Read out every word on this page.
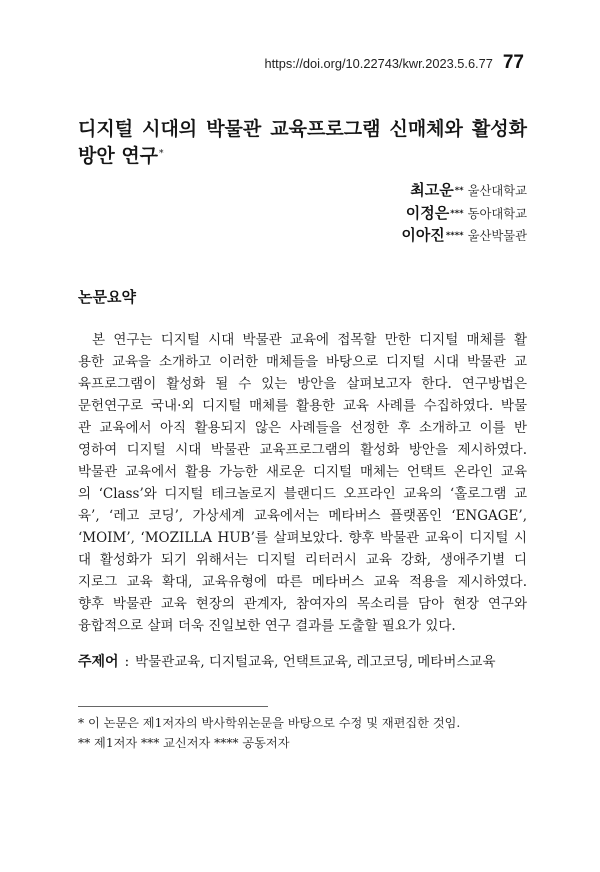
https://doi.org/10.22743/kwr.2023.5.6.77 77
디지털 시대의 박물관 교육프로그램 신매체와 활성화
방안 연구*
최고운** 울산대학교
이정은*** 동아대학교
이아진**** 울산박물관
논문요약
본 연구는 디지털 시대 박물관 교육에 접목할 만한 디지털 매체를 활
용한 교육을 소개하고 이러한 매체들을 바탕으로 디지털 시대 박물관 교
육프로그램이 활성화 될 수 있는 방안을 살펴보고자 한다. 연구방법은
문헌연구로 국내·외 디지털 매체를 활용한 교육 사례를 수집하였다. 박물
관 교육에서 아직 활용되지 않은 사례들을 선정한 후 소개하고 이를 반
영하여 디지털 시대 박물관 교육프로그램의 활성화 방안을 제시하였다.
박물관 교육에서 활용 가능한 새로운 디지털 매체는 언택트 온라인 교육
의 ‘Class’와 디지털 테크놀로지 블랜디드 오프라인 교육의 ‘홀로그램 교
육’, ‘레고 코딩’, 가상세계 교육에서는 메타버스 플랫폼인 ‘ENGAGE’,
‘MOIM’, ‘MOZILLA HUB’를 살펴보았다. 향후 박물관 교육이 디지털 시
대 활성화가 되기 위해서는 디지털 리터러시 교육 강화, 생애주기별 디
지로그 교육 확대, 교육유형에 따른 메타버스 교육 적용을 제시하였다.
향후 박물관 교육 현장의 관계자, 참여자의 목소리를 담아 현장 연구와
융합적으로 살펴 더욱 진일보한 연구 결과를 도출할 필요가 있다.
주제어 : 박물관교육, 디지털교육, 언택트교육, 레고코딩, 메타버스교육
* 이 논문은 제1저자의 박사학위논문을 바탕으로 수정 및 재편집한 것임.
** 제1저자 *** 교신저자 **** 공동저자
